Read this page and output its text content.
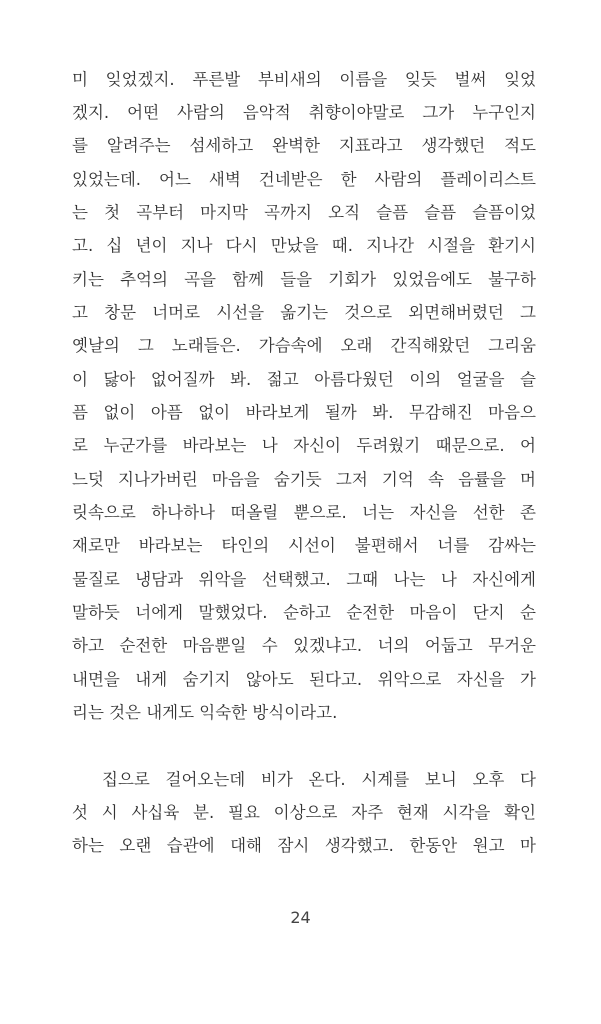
미 잊었겠지. 푸른발 부비새의 이름을 잊듯 벌써 잊었
겠지. 어떤 사람의 음악적 취향이야말로 그가 누구인지
를 알려주는 섬세하고 완벽한 지표라고 생각했던 적도
있었는데. 어느 새벽 건네받은 한 사람의 플레이리스트
는 첫 곡부터 마지막 곡까지 오직 슬픔 슬픔 슬픔이었
고. 십 년이 지나 다시 만났을 때. 지나간 시절을 환기시
키는 추억의 곡을 함께 들을 기회가 있었음에도 불구하
고 창문 너머로 시선을 옮기는 것으로 외면해버렸던 그
옛날의 그 노래들은. 가슴속에 오래 간직해왔던 그리움
이 닳아 없어질까 봐. 젊고 아름다웠던 이의 얼굴을 슬
픔 없이 아픔 없이 바라보게 될까 봐. 무감해진 마음으
로 누군가를 바라보는 나 자신이 두려웠기 때문으로. 어
느덧 지나가버린 마음을 숨기듯 그저 기억 속 음률을 머
릿속으로 하나하나 떠올릴 뿐으로. 너는 자신을 선한 존
재로만 바라보는 타인의 시선이 불편해서 너를 감싸는
물질로 냉담과 위악을 선택했고. 그때 나는 나 자신에게
말하듯 너에게 말했었다. 순하고 순전한 마음이 단지 순
하고 순전한 마음뿐일 수 있겠냐고. 너의 어둡고 무거운
내면을 내게 숨기지 않아도 된다고. 위악으로 자신을 가
리는 것은 내게도 익숙한 방식이라고.
집으로 걸어오는데 비가 온다. 시계를 보니 오후 다
섯 시 사십육 분. 필요 이상으로 자주 현재 시각을 확인
하는 오랜 습관에 대해 잠시 생각했고. 한동안 원고 마
24
